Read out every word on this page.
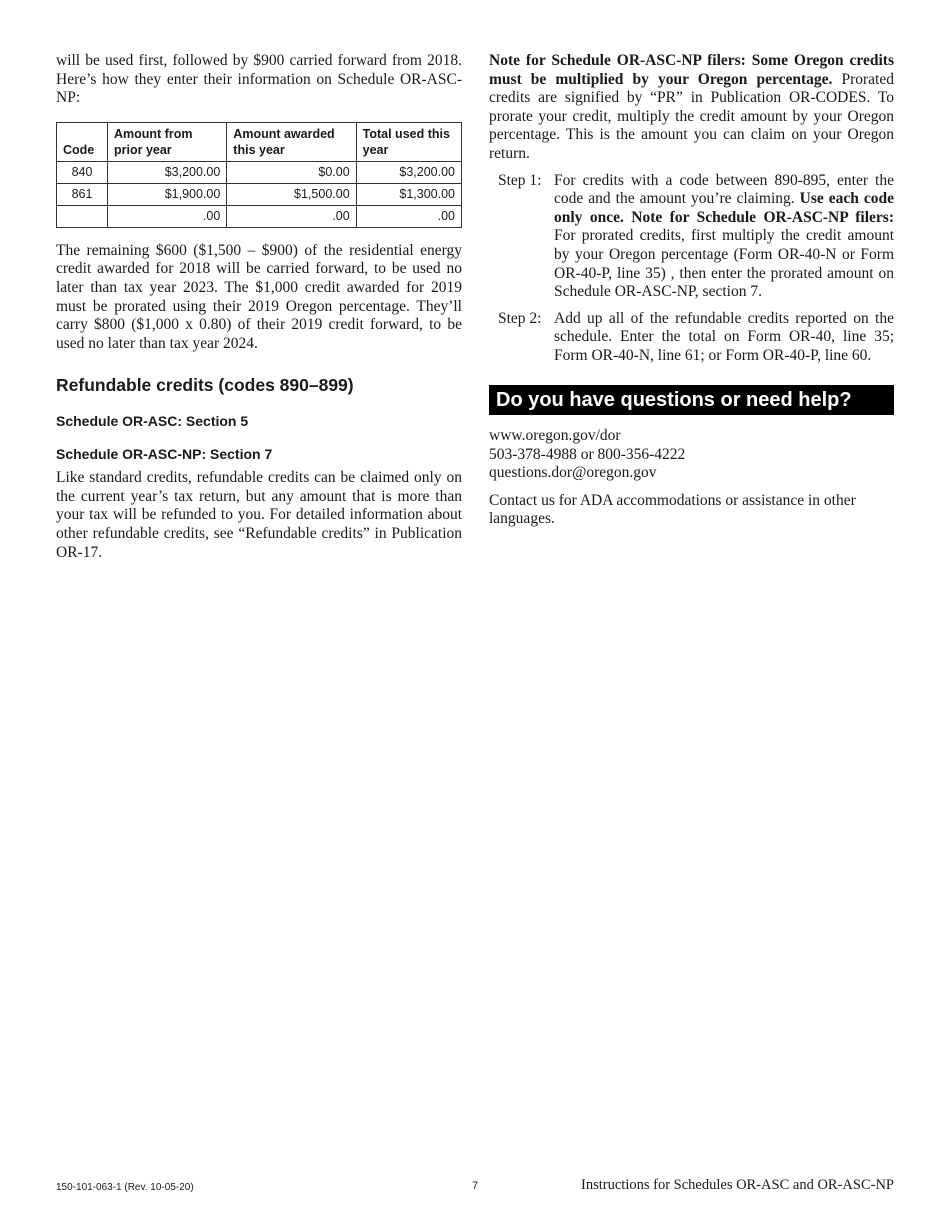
will be used first, followed by $900 carried forward from 2018. Here’s how they enter their information on Schedule OR-ASC-NP:

Code	Amount from prior year	Amount awarded this year	Total used this year
840	$3,200.00	$0.00	$3,200.00
861	$1,900.00	$1,500.00	$1,300.00
	.00	.00	.00

The remaining $600 ($1,500 – $900) of the residential energy credit awarded for 2018 will be carried forward, to be used no later than tax year 2023. The $1,000 credit awarded for 2019 must be prorated using their 2019 Oregon percentage. They’ll carry $800 ($1,000 x 0.80) of their 2019 credit forward, to be used no later than tax year 2024.

Refundable credits (codes 890–899)
Schedule OR-ASC: Section 5
Schedule OR-ASC-NP: Section 7

Like standard credits, refundable credits can be claimed only on the current year’s tax return, but any amount that is more than your tax will be refunded to you. For detailed information about other refundable credits, see “Refundable credits” in Publication OR-17.

Note for Schedule OR-ASC-NP filers: Some Oregon credits must be multiplied by your Oregon percentage. Prorated credits are signified by “PR” in Publication OR-CODES. To prorate your credit, multiply the credit amount by your Oregon percentage. This is the amount you can claim on your Oregon return.

Step 1: For credits with a code between 890-895, enter the code and the amount you’re claiming. Use each code only once. Note for Schedule OR-ASC-NP filers: For prorated credits, first multiply the credit amount by your Oregon percentage (Form OR-40-N or Form OR-40-P, line 35) , then enter the prorated amount on Schedule OR-ASC-NP, section 7.
Step 2: Add up all of the refundable credits reported on the schedule. Enter the total on Form OR-40, line 35; Form OR-40-N, line 61; or Form OR-40-P, line 60.
Do you have questions or need help?
www.oregon.gov/dor
503-378-4988 or 800-356-4222
questions.dor@oregon.gov

Contact us for ADA accommodations or assistance in other languages.

150-101-063-1 (Rev. 10-05-20)	7	Instructions for Schedules OR-ASC and OR-ASC-NP
